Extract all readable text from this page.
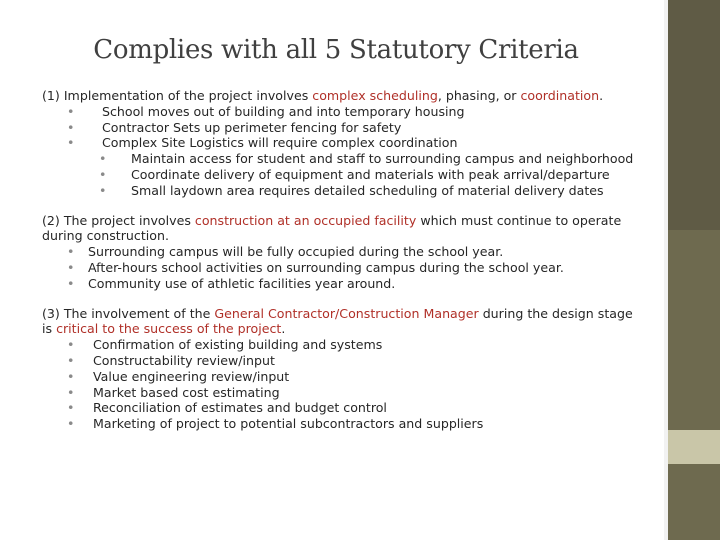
Complies with all 5 Statutory Criteria

(1) Implementation of the project involves complex scheduling, phasing, or coordination.

• School moves out of building and into temporary housing
• Contractor Sets up perimeter fencing for safety
• Complex Site Logistics will require complex coordination
• Maintain access for student and staff to surrounding campus and neighborhood
• Coordinate delivery of equipment and materials with peak arrival/departure
• Small laydown area requires detailed scheduling of material delivery dates

(2) The project involves construction at an occupied facility which must continue to operate during construction.

• Surrounding campus will be fully occupied during the school year.
• After-hours school activities on surrounding campus during the school year.
• Community use of athletic facilities year around.

(3) The involvement of the General Contractor/Construction Manager during the design stage is critical to the success of the project.

• Confirmation of existing building and systems
• Constructability review/input
• Value engineering review/input
• Market based cost estimating
• Reconciliation of estimates and budget control
• Marketing of project to potential subcontractors and suppliers
